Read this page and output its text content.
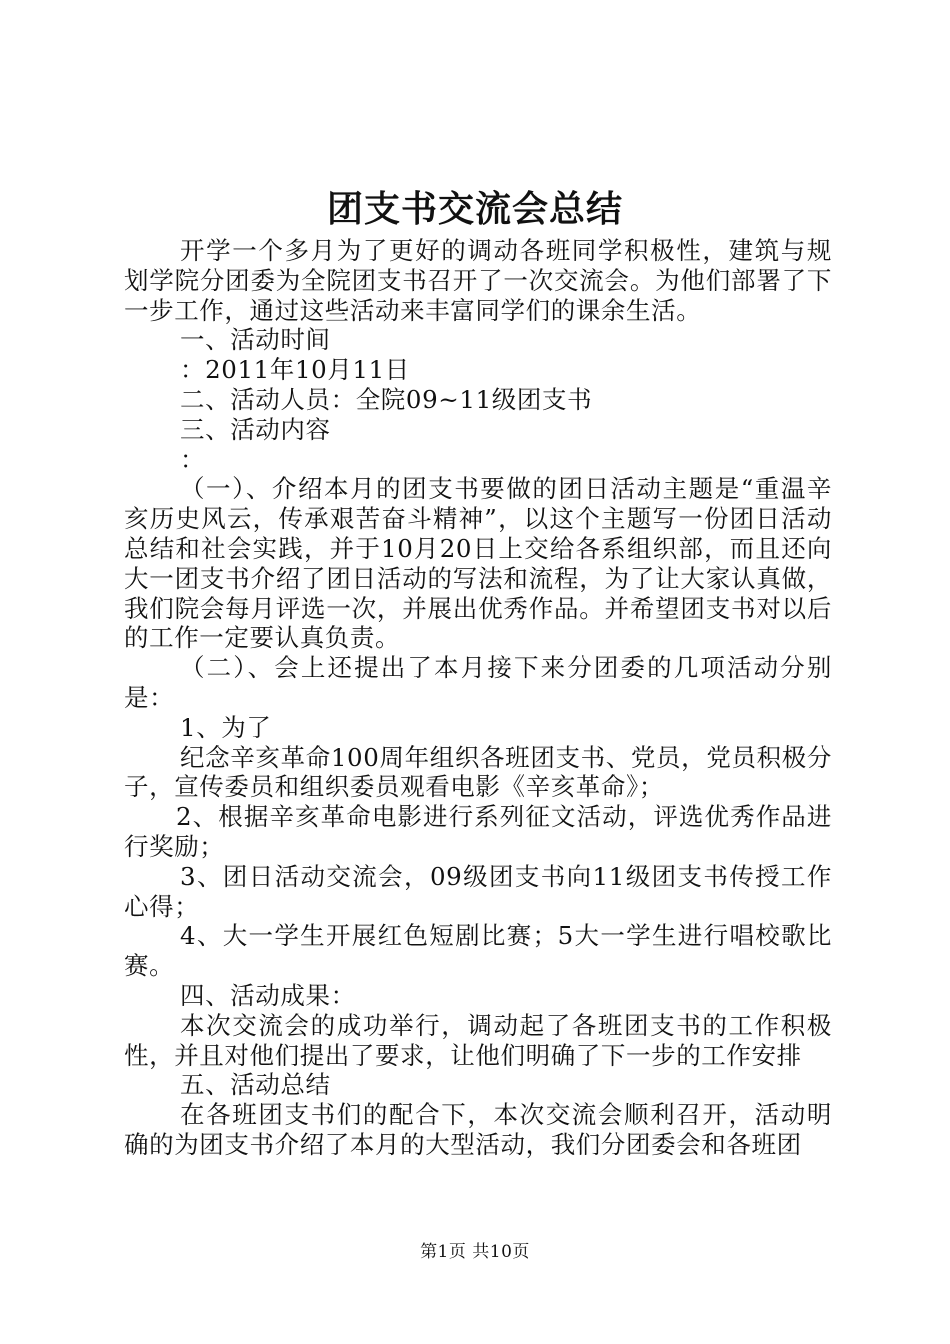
团支书交流会总结

开学一个多月为了更好的调动各班同学积极性，建筑与规划学院分团委为全院团支书召开了一次交流会。为他们部署了下一步工作，通过这些活动来丰富同学们的课余生活。

一、活动时间

：2011年10月11日

二、活动人员：全院09~11级团支书

三、活动内容

：

（一）、介绍本月的团支书要做的团日活动主题是“重温辛亥历史风云，传承艰苦奋斗精神”，以这个主题写一份团日活动总结和社会实践，并于10月20日上交给各系组织部，而且还向大一团支书介绍了团日活动的写法和流程，为了让大家认真做，我们院会每月评选一次，并展出优秀作品。并希望团支书对以后的工作一定要认真负责。

（二）、会上还提出了本月接下来分团委的几项活动分别是：

1、为了

纪念辛亥革命100周年组织各班团支书、党员，党员积极分子，宣传委员和组织委员观看电影《辛亥革命》；

2、根据辛亥革命电影进行系列征文活动，评选优秀作品进行奖励；

3、团日活动交流会，09级团支书向11级团支书传授工作心得；

4、大一学生开展红色短剧比赛；5大一学生进行唱校歌比赛。

四、活动成果：

本次交流会的成功举行，调动起了各班团支书的工作积极性，并且对他们提出了要求，让他们明确了下一步的工作安排

五、活动总结

在各班团支书们的配合下，本次交流会顺利召开，活动明确的为团支书介绍了本月的大型活动，我们分团委会和各班团

第1页 共10页
